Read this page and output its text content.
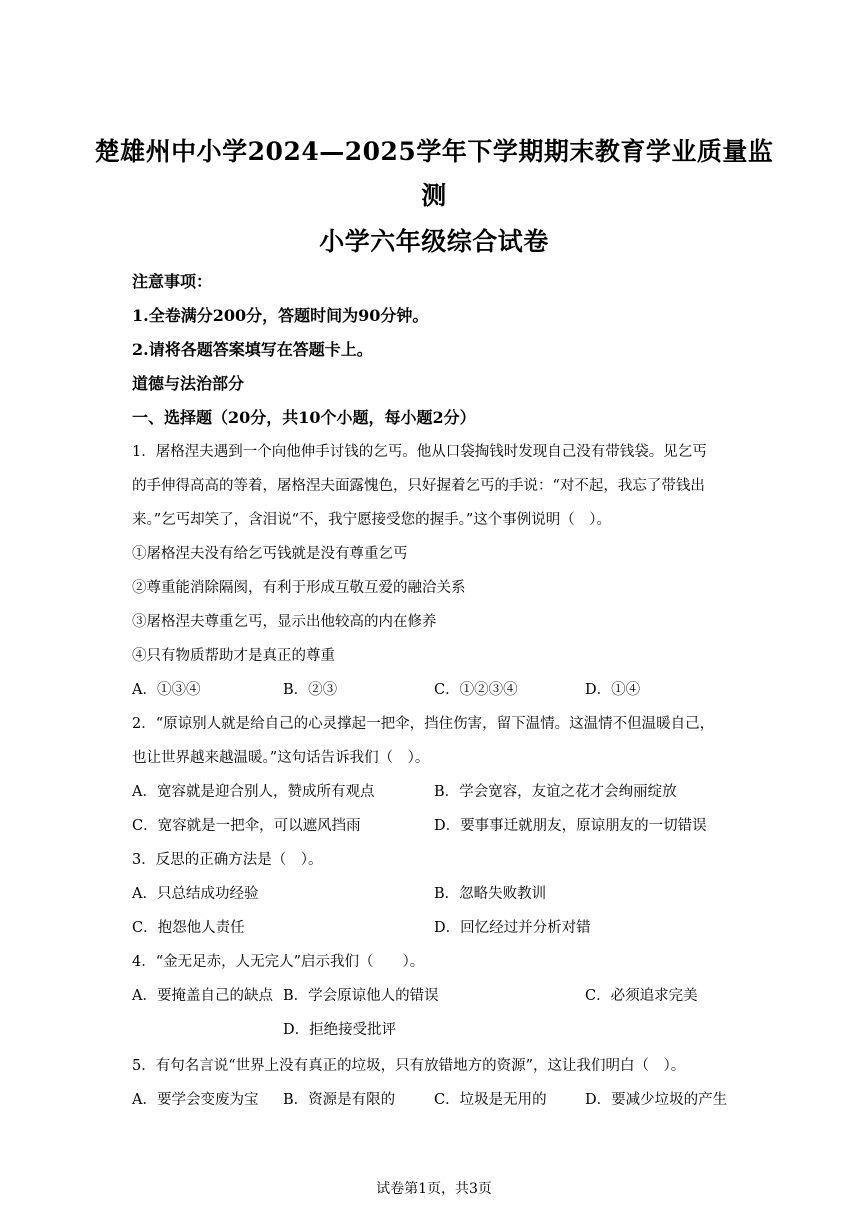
楚雄州中小学2024—2025学年下学期期末教育学业质量监
测
小学六年级综合试卷
注意事项：
1.全卷满分200分，答题时间为90分钟。
2.请将各题答案填写在答题卡上。
道德与法治部分
一、选择题（20分，共10个小题，每小题2分）
1．屠格涅夫遇到一个向他伸手讨钱的乞丐。他从口袋掏钱时发现自己没有带钱袋。见乞丐
的手伸得高高的等着，屠格涅夫面露愧色，只好握着乞丐的手说：“对不起，我忘了带钱出
来。”乞丐却笑了，含泪说“不，我宁愿接受您的握手。”这个事例说明（　）。
①屠格涅夫没有给乞丐钱就是没有尊重乞丐
②尊重能消除隔阂，有利于形成互敬互爱的融洽关系
③屠格涅夫尊重乞丐，显示出他较高的内在修养
④只有物质帮助才是真正的尊重
A．①③④	B．②③	C．①②③④	D．①④
2．“原谅别人就是给自己的心灵撑起一把伞，挡住伤害，留下温情。这温情不但温暖自己，
也让世界越来越温暖。”这句话告诉我们（　）。
A．宽容就是迎合别人，赞成所有观点	B．学会宽容，友谊之花才会绚丽绽放
C．宽容就是一把伞，可以遮风挡雨	D．要事事迁就朋友，原谅朋友的一切错误
3．反思的正确方法是（　）。
A．只总结成功经验	B．忽略失败教训
C．抱怨他人责任	D．回忆经过并分析对错
4．“金无足赤，人无完人”启示我们（　　）。
A．要掩盖自己的缺点 B．学会原谅他人的错误	C．必须追求完美
D．拒绝接受批评
5．有句名言说“世界上没有真正的垃圾，只有放错地方的资源”，这让我们明白（　）。
A．要学会变废为宝 B．资源是有限的	C．垃圾是无用的	D．要减少垃圾的产生
试卷第1页，共3页
